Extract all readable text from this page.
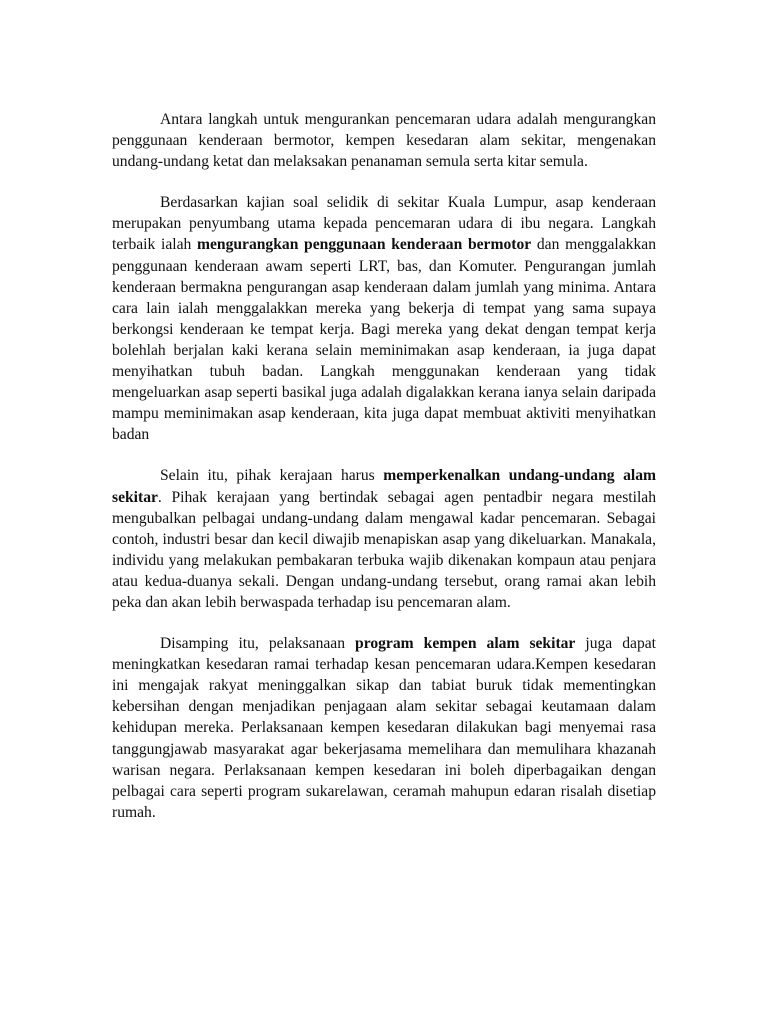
Antara langkah untuk mengurankan pencemaran udara adalah mengurangkan penggunaan kenderaan bermotor, kempen kesedaran alam sekitar, mengenakan undang-undang ketat dan melaksakan penanaman semula serta kitar semula.

Berdasarkan kajian soal selidik di sekitar Kuala Lumpur, asap kenderaan merupakan penyumbang utama kepada pencemaran udara di ibu negara. Langkah terbaik ialah mengurangkan penggunaan kenderaan bermotor dan menggalakkan penggunaan kenderaan awam seperti LRT, bas, dan Komuter. Pengurangan jumlah kenderaan bermakna pengurangan asap kenderaan dalam jumlah yang minima. Antara cara lain ialah menggalakkan mereka yang bekerja di tempat yang sama supaya berkongsi kenderaan ke tempat kerja. Bagi mereka yang dekat dengan tempat kerja bolehlah berjalan kaki kerana selain meminimakan asap kenderaan, ia juga dapat menyihatkan tubuh badan. Langkah menggunakan kenderaan yang tidak mengeluarkan asap seperti basikal juga adalah digalakkan kerana ianya selain daripada mampu meminimakan asap kenderaan, kita juga dapat membuat aktiviti menyihatkan badan

Selain itu, pihak kerajaan harus memperkenalkan undang-undang alam sekitar. Pihak kerajaan yang bertindak sebagai agen pentadbir negara mestilah mengubalkan pelbagai undang-undang dalam mengawal kadar pencemaran. Sebagai contoh, industri besar dan kecil diwajib menapiskan asap yang dikeluarkan. Manakala, individu yang melakukan pembakaran terbuka wajib dikenakan kompaun atau penjara atau kedua-duanya sekali. Dengan undang-undang tersebut, orang ramai akan lebih peka dan akan lebih berwaspada terhadap isu pencemaran alam.

Disamping itu, pelaksanaan program kempen alam sekitar juga dapat meningkatkan kesedaran ramai terhadap kesan pencemaran udara.Kempen kesedaran ini mengajak rakyat meninggalkan sikap dan tabiat buruk tidak mementingkan kebersihan dengan menjadikan penjagaan alam sekitar sebagai keutamaan dalam kehidupan mereka. Perlaksanaan kempen kesedaran dilakukan bagi menyemai rasa tanggungjawab masyarakat agar bekerjasama memelihara dan memulihara khazanah warisan negara. Perlaksanaan kempen kesedaran ini boleh diperbagaikan dengan pelbagai cara seperti program sukarelawan, ceramah mahupun edaran risalah disetiap rumah.
